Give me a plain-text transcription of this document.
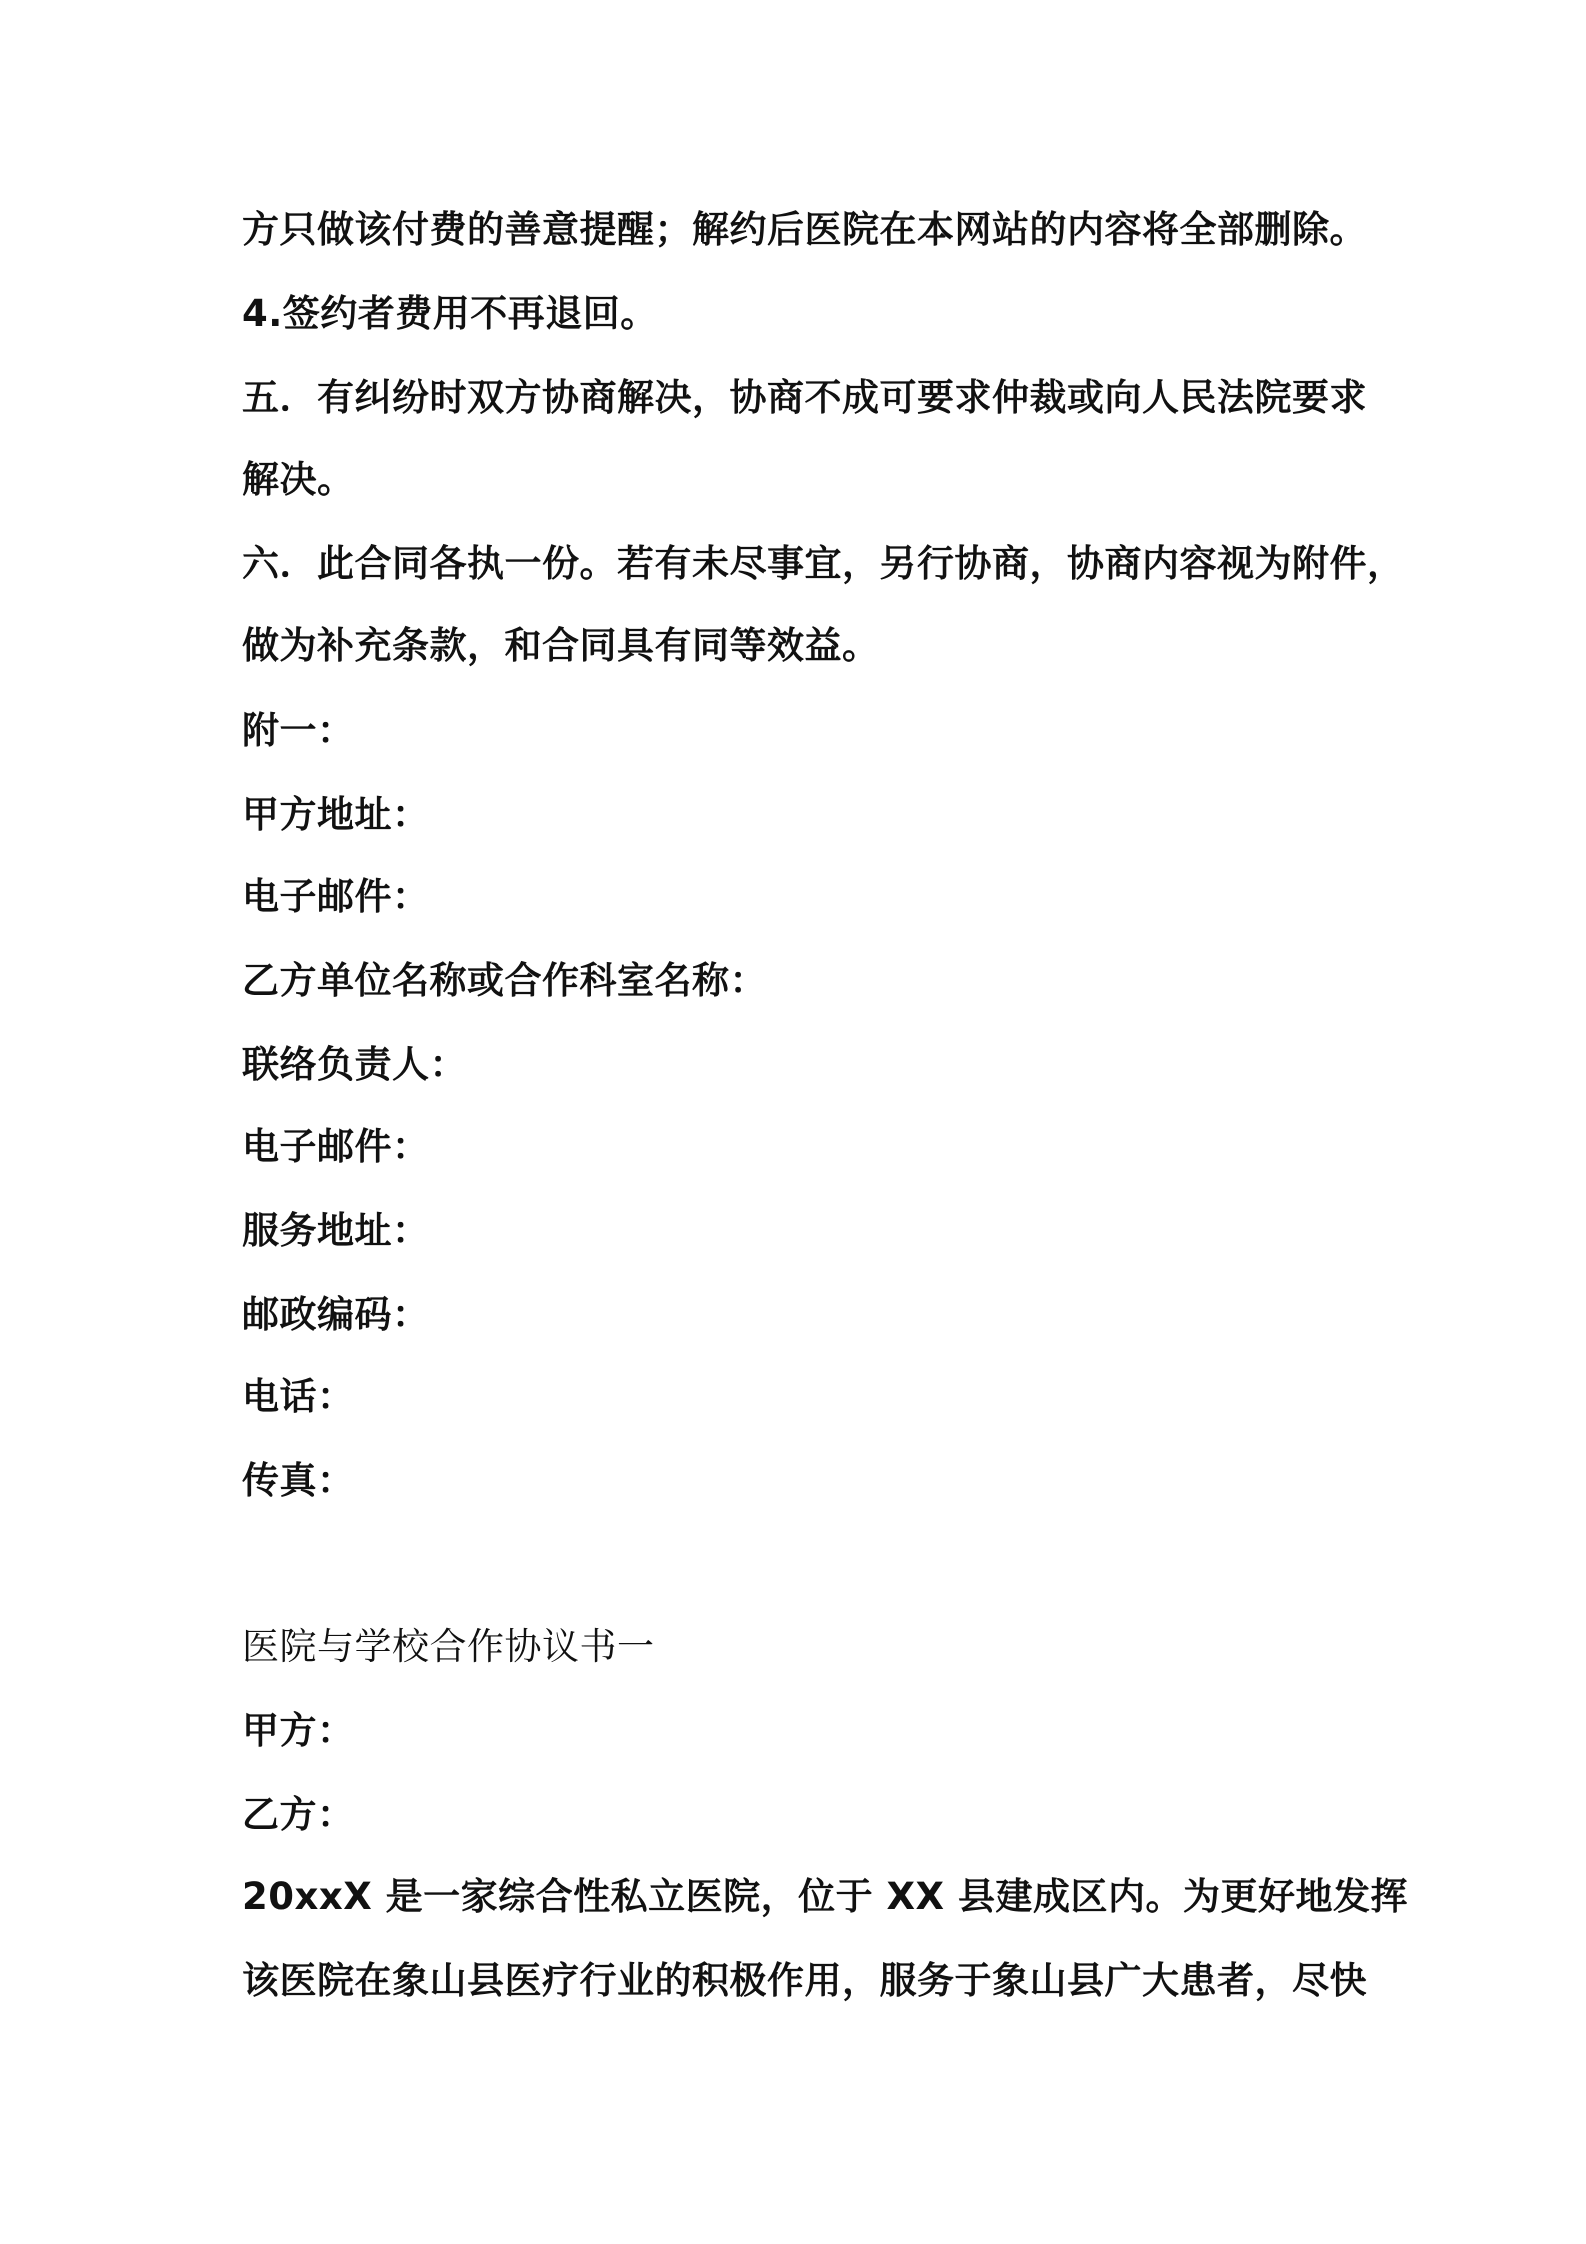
方只做该付费的善意提醒；解约后医院在本网站的内容将全部删除。
4.签约者费用不再退回。
五．有纠纷时双方协商解决，协商不成可要求仲裁或向人民法院要求
解决。
六．此合同各执一份。若有未尽事宜，另行协商，协商内容视为附件，
做为补充条款，和合同具有同等效益。
附一：
甲方地址：
电子邮件：
乙方单位名称或合作科室名称：
联络负责人：
电子邮件：
服务地址：
邮政编码：
电话：
传真：
医院与学校合作协议书一
甲方：
乙方：
20xxX 是一家综合性私立医院，位于 XX 县建成区内。为更好地发挥
该医院在象山县医疗行业的积极作用，服务于象山县广大患者，尽快
